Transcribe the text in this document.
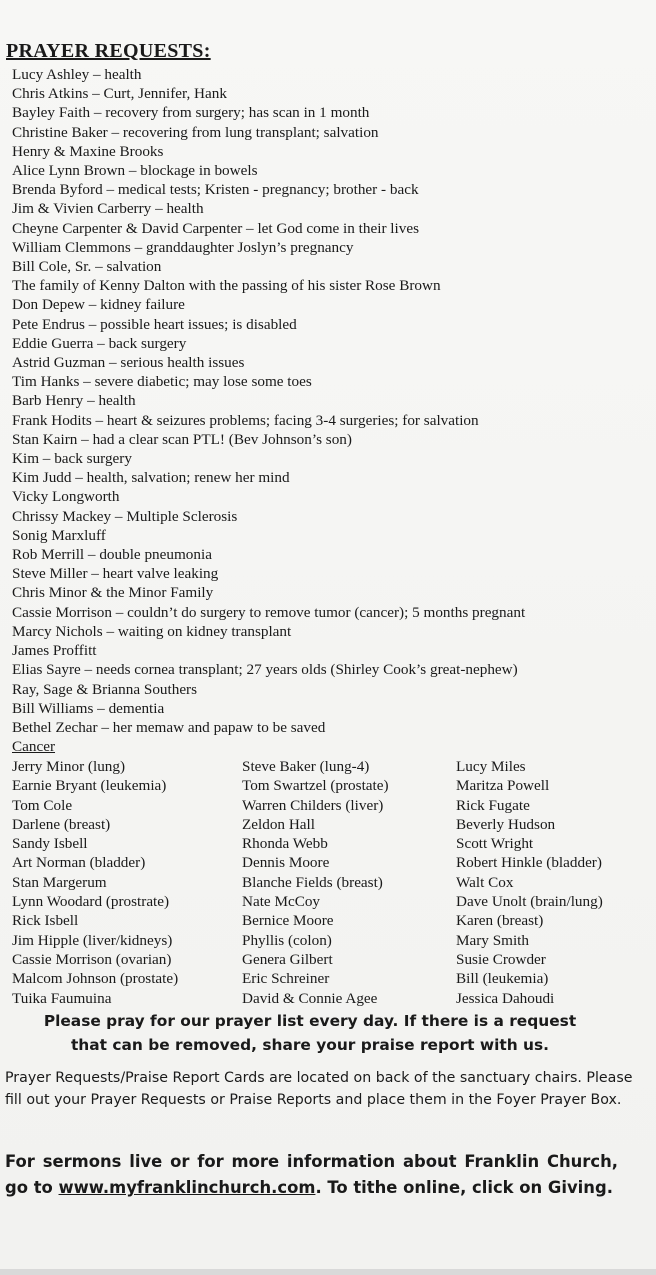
PRAYER REQUESTS:
Lucy Ashley – health
Chris Atkins – Curt, Jennifer, Hank
Bayley Faith – recovery from surgery; has scan in 1 month
Christine Baker – recovering from lung transplant; salvation
Henry & Maxine Brooks
Alice Lynn Brown – blockage in bowels
Brenda Byford – medical tests; Kristen - pregnancy; brother - back
Jim & Vivien Carberry – health
Cheyne Carpenter & David Carpenter – let God come in their lives
William Clemmons – granddaughter Joslyn’s pregnancy
Bill Cole, Sr. – salvation
The family of Kenny Dalton with the passing of his sister Rose Brown
Don Depew – kidney failure
Pete Endrus – possible heart issues; is disabled
Eddie Guerra – back surgery
Astrid Guzman – serious health issues
Tim Hanks – severe diabetic; may lose some toes
Barb Henry – health
Frank Hodits – heart & seizures problems; facing 3-4 surgeries; for salvation
Stan Kairn – had a clear scan PTL! (Bev Johnson’s son)
Kim – back surgery
Kim Judd – health, salvation; renew her mind
Vicky Longworth
Chrissy Mackey – Multiple Sclerosis
Sonig Marxluff
Rob Merrill – double pneumonia
Steve Miller – heart valve leaking
Chris Minor & the Minor Family
Cassie Morrison – couldn’t do surgery to remove tumor (cancer); 5 months pregnant
Marcy Nichols – waiting on kidney transplant
James Proffitt
Elias Sayre – needs cornea transplant; 27 years olds (Shirley Cook’s great-nephew)
Ray, Sage & Brianna Southers
Bill Williams – dementia
Bethel Zechar – her memaw and papaw to be saved
Cancer
Jerry Minor (lung)
Earnie Bryant (leukemia)
Tom Cole
Darlene (breast)
Sandy Isbell
Art Norman (bladder)
Stan Margerum
Lynn Woodard (prostrate)
Rick Isbell
Jim Hipple (liver/kidneys)
Cassie Morrison (ovarian)
Malcom Johnson (prostate)
Tuika Faumuina
Steve Baker (lung-4)
Tom Swartzel (prostate)
Warren Childers (liver)
Zeldon Hall
Rhonda Webb
Dennis Moore
Blanche Fields (breast)
Nate McCoy
Bernice Moore
Phyllis (colon)
Genera Gilbert
Eric Schreiner
David & Connie Agee
Lucy Miles
Maritza Powell
Rick Fugate
Beverly Hudson
Scott Wright
Robert Hinkle (bladder)
Walt Cox
Dave Unolt (brain/lung)
Karen (breast)
Mary Smith
Susie Crowder
Bill (leukemia)
Jessica Dahoudi
Please pray for our prayer list every day. If there is a request
that can be removed, share your praise report with us.
Prayer Requests/Praise Report Cards are located on back of the sanctuary chairs. Please fill out your Prayer Requests or Praise Reports and place them in the Foyer Prayer Box.
For sermons live or for more information about Franklin Church, go to www.myfranklinchurch.com. To tithe online, click on Giving.
